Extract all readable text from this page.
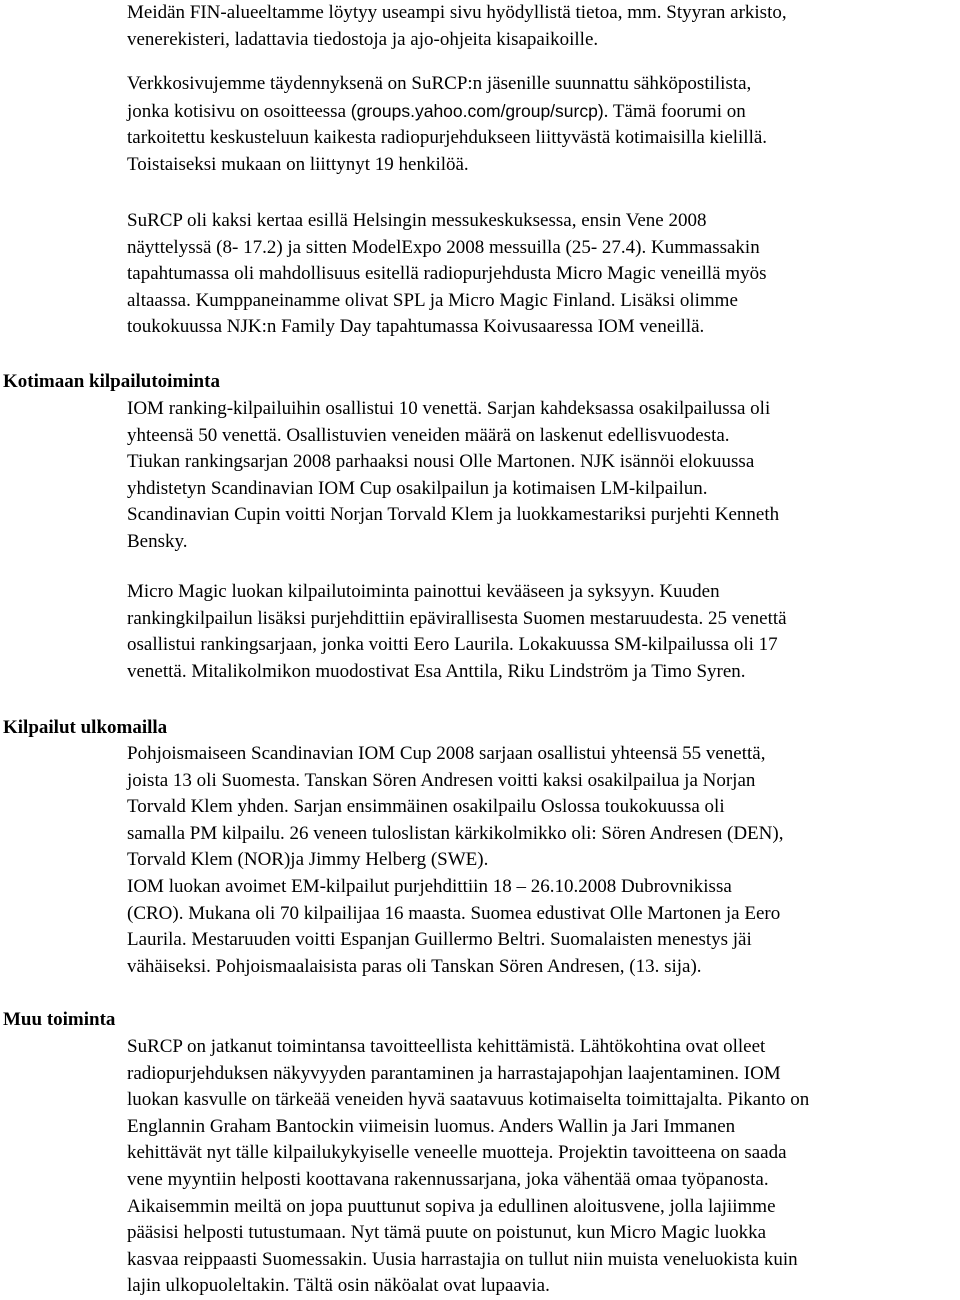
Meidän FIN-alueeltamme löytyy useampi sivu hyödyllistä tietoa, mm. Styyran arkisto,
venerekisteri, ladattavia tiedostoja ja ajo-ohjeita kisapaikoille.

Verkkosivujemme täydennyksenä on SuRCP:n jäsenille suunnattu sähköpostilista,
jonka kotisivu on osoitteessa (groups.yahoo.com/group/surcp). Tämä foorumi on
tarkoitettu keskusteluun kaikesta radiopurjehdukseen liittyvästä kotimaisilla kielillä.
Toistaiseksi mukaan on liittynyt 19 henkilöä.

SuRCP oli kaksi kertaa esillä Helsingin messukeskuksessa, ensin Vene 2008
näyttelyssä (8- 17.2) ja sitten ModelExpo 2008 messuilla (25- 27.4). Kummassakin
tapahtumassa oli mahdollisuus esitellä radiopurjehdusta Micro Magic veneillä myös
altaassa. Kumppaneinamme olivat SPL ja Micro Magic Finland. Lisäksi olimme
toukokuussa NJK:n Family Day tapahtumassa Koivusaaressa IOM veneillä.

Kotimaan kilpailutoiminta

IOM ranking-kilpailuihin osallistui 10 venettä. Sarjan kahdeksassa osakilpailussa oli
yhteensä 50 venettä. Osallistuvien veneiden määrä on laskenut edellisvuodesta.
Tiukan rankingsarjan 2008 parhaaksi nousi Olle Martonen. NJK isännöi elokuussa
yhdistetyn Scandinavian IOM Cup osakilpailun ja kotimaisen LM-kilpailun.
Scandinavian Cupin voitti Norjan Torvald Klem ja luokkamestariksi purjehti Kenneth
Bensky.

Micro Magic luokan kilpailutoiminta painottui kevääseen ja syksyyn. Kuuden
rankingkilpailun lisäksi purjehdittiin epävirallisesta Suomen mestaruudesta. 25 venettä
osallistui rankingsarjaan, jonka voitti Eero Laurila. Lokakuussa SM-kilpailussa oli 17
venettä. Mitalikolmikon muodostivat Esa Anttila, Riku Lindström ja Timo Syren.

Kilpailut ulkomailla

Pohjoismaiseen Scandinavian IOM Cup 2008 sarjaan osallistui yhteensä 55 venettä,
joista 13 oli Suomesta. Tanskan Sören Andresen voitti kaksi osakilpailua ja Norjan
Torvald Klem yhden. Sarjan ensimmäinen osakilpailu Oslossa toukokuussa oli
samalla PM kilpailu. 26 veneen tuloslistan kärkikolmikko oli: Sören Andresen (DEN),
Torvald Klem (NOR)ja Jimmy Helberg (SWE).

IOM luokan avoimet EM-kilpailut purjehdittiin 18 – 26.10.2008 Dubrovnikissa
(CRO). Mukana oli 70 kilpailijaa 16 maasta. Suomea edustivat Olle Martonen ja Eero
Laurila. Mestaruuden voitti Espanjan Guillermo Beltri. Suomalaisten menestys jäi
vähäiseksi. Pohjoismaalaisista paras oli Tanskan Sören Andresen, (13. sija).

Muu toiminta

SuRCP on jatkanut toimintansa tavoitteellista kehittämistä. Lähtökohtina ovat olleet
radiopurjehduksen näkyvyyden parantaminen ja harrastajapohjan laajentaminen. IOM
luokan kasvulle on tärkeää veneiden hyvä saatavuus kotimaiselta toimittajalta. Pikanto on
Englannin Graham Bantockin viimeisin luomus. Anders Wallin ja Jari Immanen
kehittävät nyt tälle kilpailukykyiselle veneelle muotteja. Projektin tavoitteena on saada
vene myyntiin helposti koottavana rakennussarjana, joka vähentää omaa työpanosta.
Aikaisemmin meiltä on jopa puuttunut sopiva ja edullinen aloitusvene, jolla lajiimme
pääsisi helposti tutustumaan. Nyt tämä puute on poistunut, kun Micro Magic luokka
kasvaa reippaasti Suomessakin. Uusia harrastajia on tullut niin muista veneluokista kuin
lajin ulkopuoleltakin. Tältä osin näköalat ovat lupaavia.
